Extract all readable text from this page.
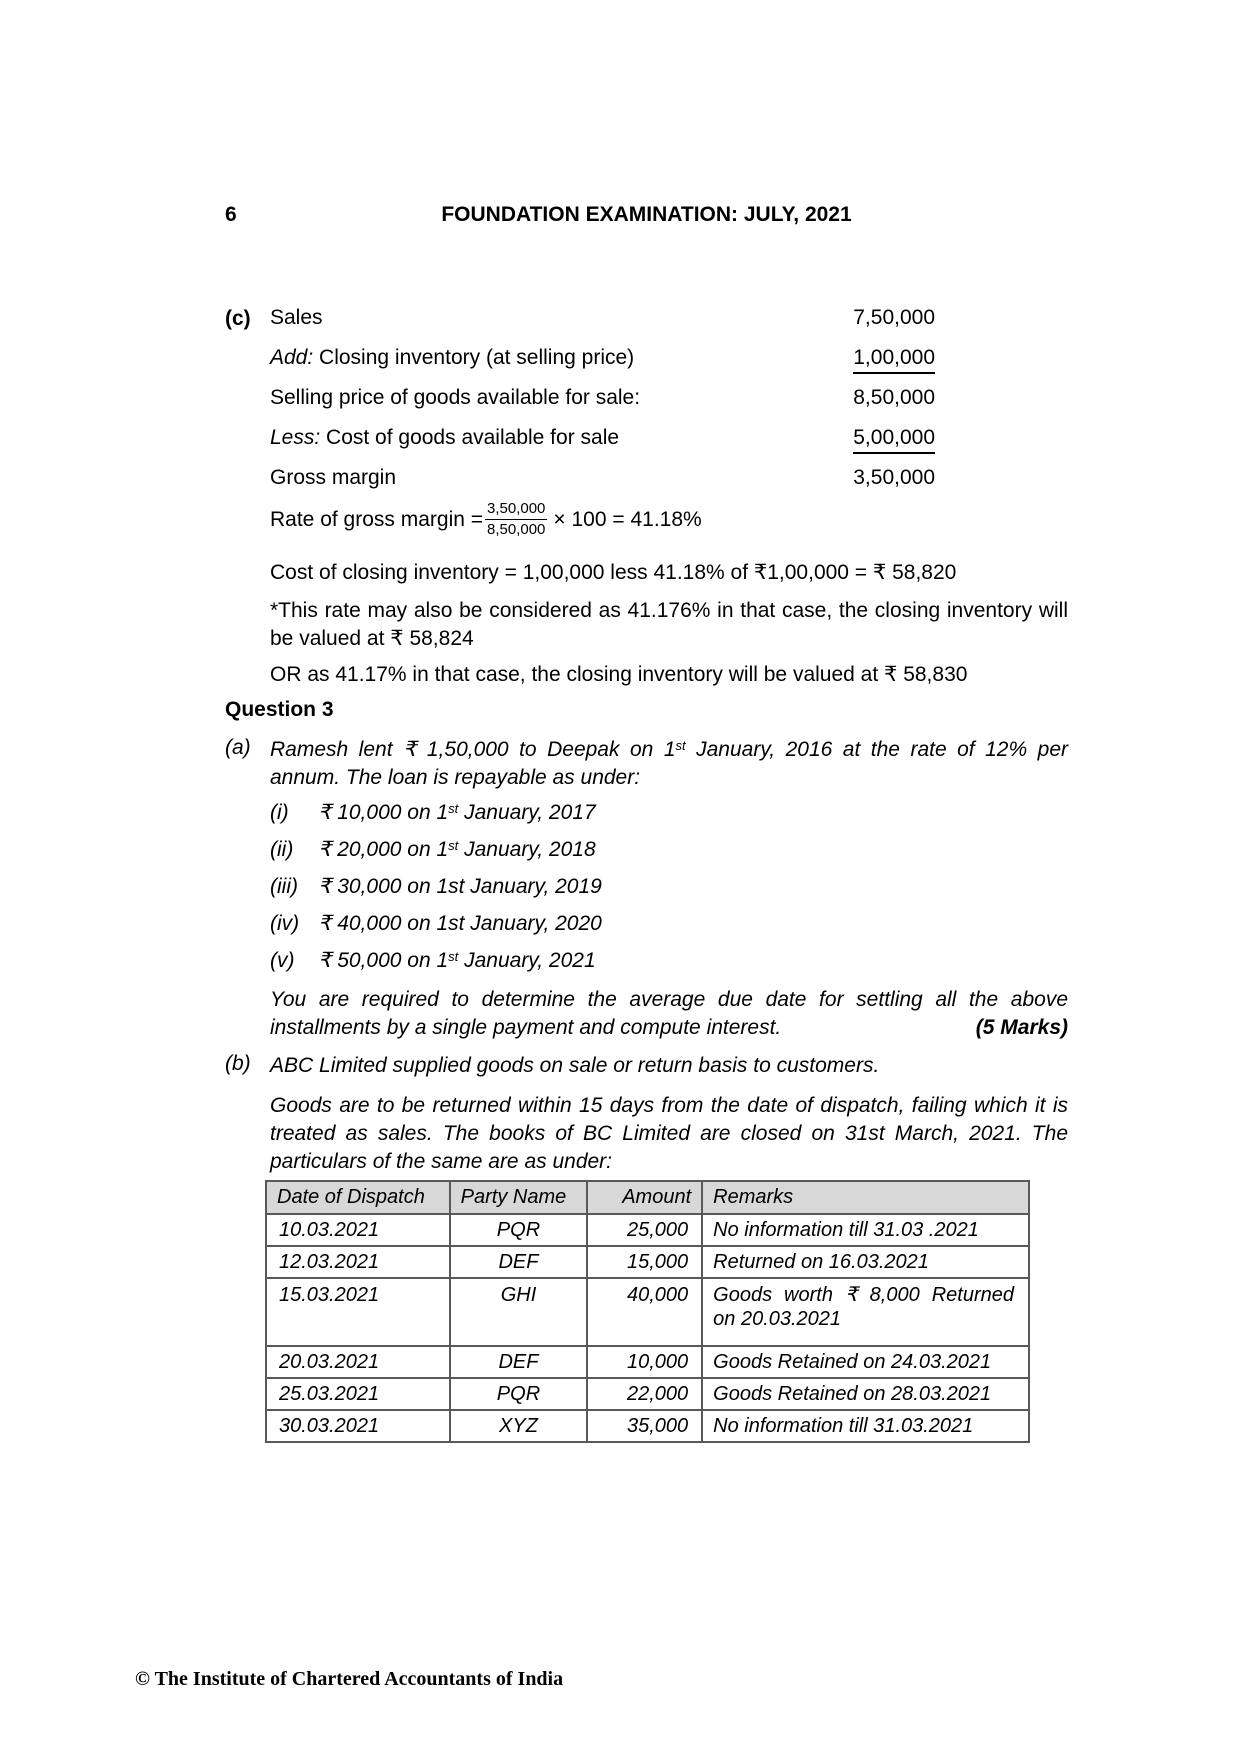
6	FOUNDATION EXAMINATION: JULY, 2021
(c) Sales	7,50,000
Add: Closing inventory (at selling price)	1,00,000
Selling price of goods available for sale:	8,50,000
Less: Cost of goods available for sale	5,00,000
Gross margin	3,50,000
Rate of gross margin = $\frac{3,50,000}{8,50,000} \times 100 = 41.18\%$
Cost of closing inventory = 1,00,000 less 41.18% of ₹1,00,000 = ₹ 58,820
*This rate may also be considered as 41.176% in that case, the closing inventory will be valued at ₹ 58,824
OR as 41.17% in that case, the closing inventory will be valued at ₹ 58,830
Question 3
(a) Ramesh lent ₹ 1,50,000 to Deepak on 1st January, 2016 at the rate of 12% per annum. The loan is repayable as under:
(i) ₹ 10,000 on 1st January, 2017
(ii) ₹ 20,000 on 1st January, 2018
(iii) ₹ 30,000 on 1st January, 2019
(iv) ₹ 40,000 on 1st January, 2020
(v) ₹ 50,000 on 1st January, 2021
You are required to determine the average due date for settling all the above installments by a single payment and compute interest.	(5 Marks)
(b) ABC Limited supplied goods on sale or return basis to customers.
Goods are to be returned within 15 days from the date of dispatch, failing which it is treated as sales. The books of BC Limited are closed on 31st March, 2021. The particulars of the same are as under:
Date of Dispatch	Party Name	Amount	Remarks
10.03.2021	PQR	25,000	No information till 31.03 .2021
12.03.2021	DEF	15,000	Returned on 16.03.2021
15.03.2021	GHI	40,000	Goods worth ₹ 8,000 Returned on 20.03.2021
20.03.2021	DEF	10,000	Goods Retained on 24.03.2021
25.03.2021	PQR	22,000	Goods Retained on 28.03.2021
30.03.2021	XYZ	35,000	No information till 31.03.2021
© The Institute of Chartered Accountants of India
